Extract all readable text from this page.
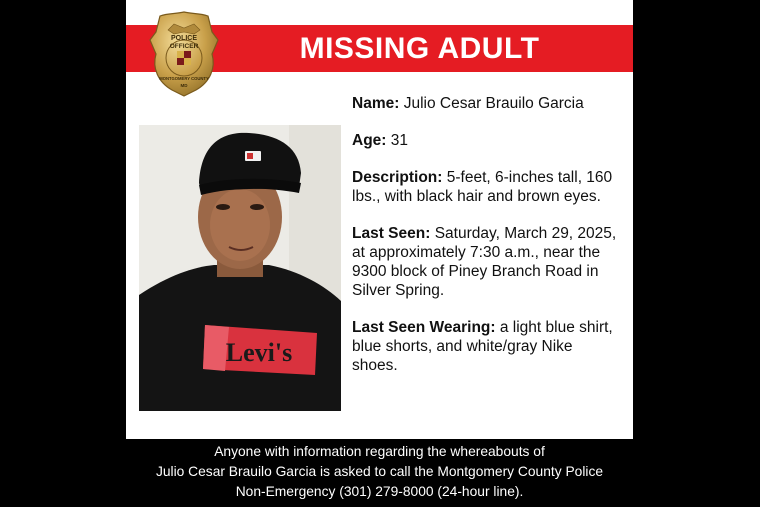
MISSING ADULT
POLICE
OFFICER
MONTGOMERY COUNTY
MD
Levi's

Name: Julio Cesar Brauilo Garcia

Age: 31

Description: 5-feet, 6-inches tall, 160 lbs., with black hair and brown eyes.

Last Seen: Saturday, March 29, 2025, at approximately 7:30 a.m., near the 9300 block of Piney Branch Road in Silver Spring.

Last Seen Wearing: a light blue shirt, blue shorts, and white/gray Nike shoes.

Anyone with information regarding the whereabouts of
Julio Cesar Brauilo Garcia is asked to call the Montgomery County Police
Non-Emergency (301) 279-8000 (24-hour line).
